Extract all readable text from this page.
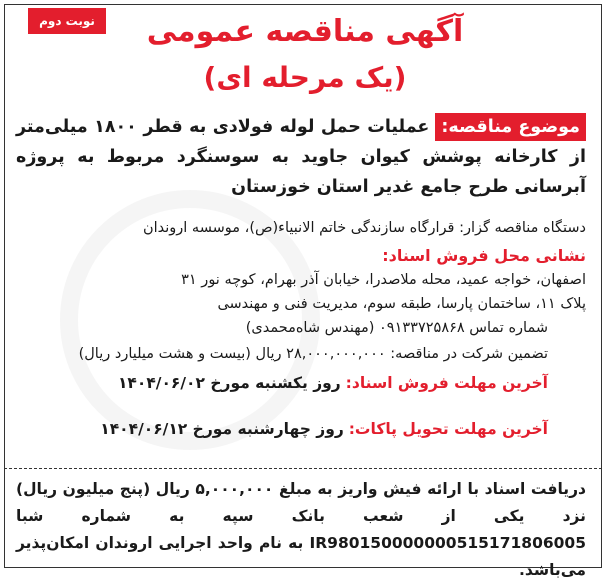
نوبت دوم	آگهی مناقصه عمومی
(یک مرحله ای)
موضوع مناقصه:عملیات حمل لوله فولادی به قطر ۱۸۰۰ میلی‌متر از کارخانه پوشش کیوان جاوید به سوسنگرد مربوط به پروژه آبرسانی طرح جامع غدیر استان خوزستان
دستگاه مناقصه گزار: قرارگاه سازندگی خاتم الانبیاء(ص)، موسسه اروندان
نشانی محل فروش اسناد:
اصفهان، خواجه عمید، محله ملاصدرا، خیابان آذر بهرام، کوچه نور ۳۱
پلاک ۱۱، ساختمان پارسا، طبقه سوم، مدیریت فنی و مهندسی
شماره تماس ۰۹۱۳۳۷۲۵۸۶۸ (مهندس شاه‌محمدی)
تضمین شرکت در مناقصه: ۲۸,۰۰۰,۰۰۰,۰۰۰ ریال (بیست و هشت میلیارد ریال)
آخرین مهلت فروش اسناد: روز یکشنبه مورخ ۱۴۰۴/۰۶/۰۲
آخرین مهلت تحویل پاکات: روز چهارشنبه مورخ ۱۴۰۴/۰۶/۱۲
دریافت اسناد با ارائه فیش واریز به مبلغ ۵,۰۰۰,۰۰۰ ریال (پنج میلیون ریال) نزد یکی از شعب بانک سپه به شماره شبا IR980150000000515171806005 به نام واحد اجرایی اروندان امکان‌پذیر می‌باشد.
